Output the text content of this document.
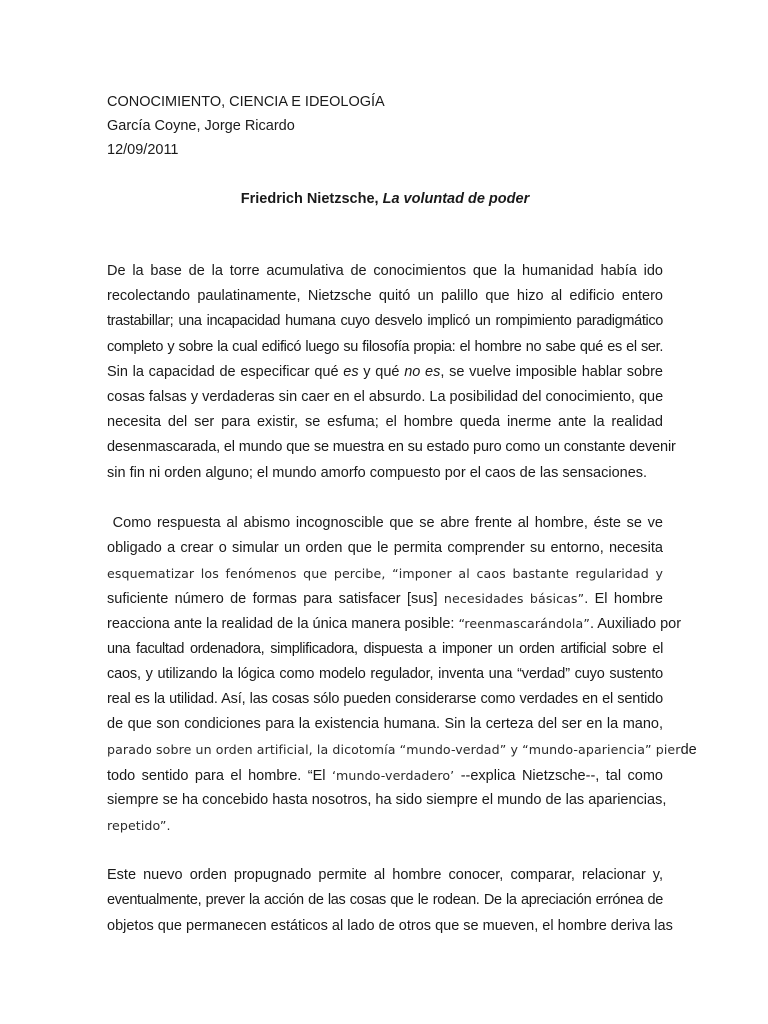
CONOCIMIENTO, CIENCIA E IDEOLOGÍA
García Coyne, Jorge Ricardo
12/09/2011
Friedrich Nietzsche, La voluntad de poder
De la base de la torre acumulativa de conocimientos que la humanidad había ido
recolectando paulatinamente, Nietzsche quitó un palillo que hizo al edificio entero
trastabillar; una incapacidad humana cuyo desvelo implicó un rompimiento paradigmático
completo y sobre la cual edificó luego su filosofía propia: el hombre no sabe qué es el ser.
Sin la capacidad de especificar qué es y qué no es, se vuelve imposible hablar sobre
cosas falsas y verdaderas sin caer en el absurdo. La posibilidad del conocimiento, que
necesita del ser para existir, se esfuma; el hombre queda inerme ante la realidad
desenmascarada, el mundo que se muestra en su estado puro como un constante devenir
sin fin ni orden alguno; el mundo amorfo compuesto por el caos de las sensaciones.
Como respuesta al abismo incognoscible que se abre frente al hombre, éste se ve
obligado a crear o simular un orden que le permita comprender su entorno, necesita
esquematizar los fenómenos que percibe, “imponer al caos bastante regularidad y
suficiente número de formas para satisfacer [sus] necesidades básicas”. El hombre
reacciona ante la realidad de la única manera posible: “reenmascarándola”. Auxiliado por
una facultad ordenadora, simplificadora, dispuesta a imponer un orden artificial sobre el
caos, y utilizando la lógica como modelo regulador, inventa una “verdad” cuyo sustento
real es la utilidad. Así, las cosas sólo pueden considerarse como verdades en el sentido
de que son condiciones para la existencia humana. Sin la certeza del ser en la mano,
parado sobre un orden artificial, la dicotomía “mundo-verdad” y “mundo-apariencia” pierde
todo sentido para el hombre. “El ‘mundo-verdadero’ --explica Nietzsche--, tal como
siempre se ha concebido hasta nosotros, ha sido siempre el mundo de las apariencias,
repetido”.
Este nuevo orden propugnado permite al hombre conocer, comparar, relacionar y,
eventualmente, prever la acción de las cosas que le rodean. De la apreciación errónea de
objetos que permanecen estáticos al lado de otros que se mueven, el hombre deriva las
